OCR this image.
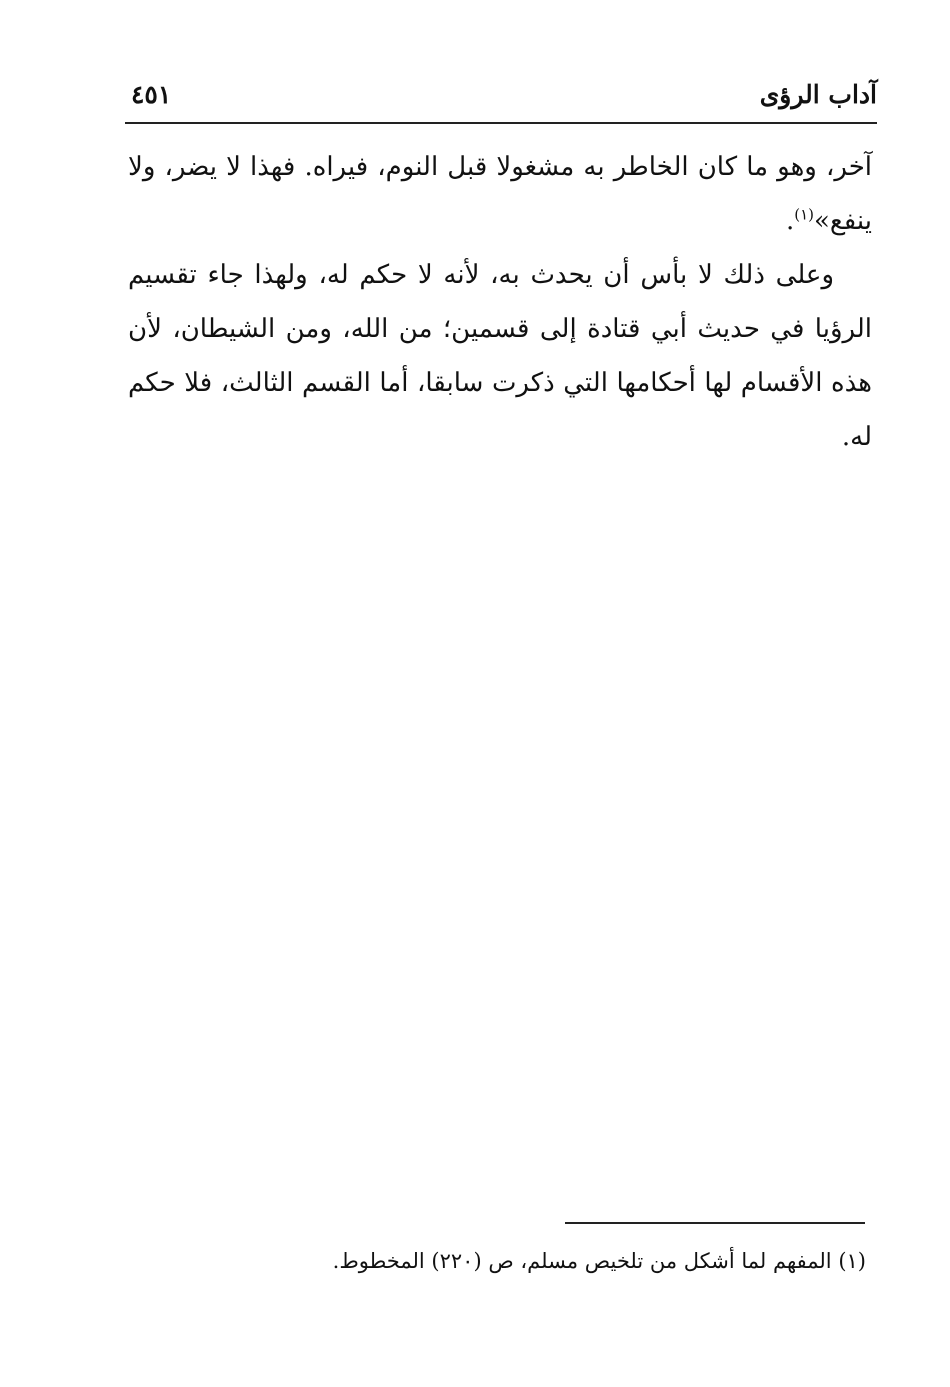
آداب الرؤى
٤٥١

آخر، وهو ما كان الخاطر به مشغولا قبل النوم، فيراه. فهذا لا يضر، ولا ينفع»$^{(١)}$.

وعلى ذلك لا بأس أن يحدث به، لأنه لا حكم له، ولهذا جاء تقسيم الرؤيا في حديث أبي قتادة إلى قسمين؛ من الله، ومن الشيطان، لأن هذه الأقسام لها أحكامها التي ذكرت سابقا، أما القسم الثالث، فلا حكم له.

(١) المفهم لما أشكل من تلخيص مسلم، ص (٢٢٠) المخطوط.
